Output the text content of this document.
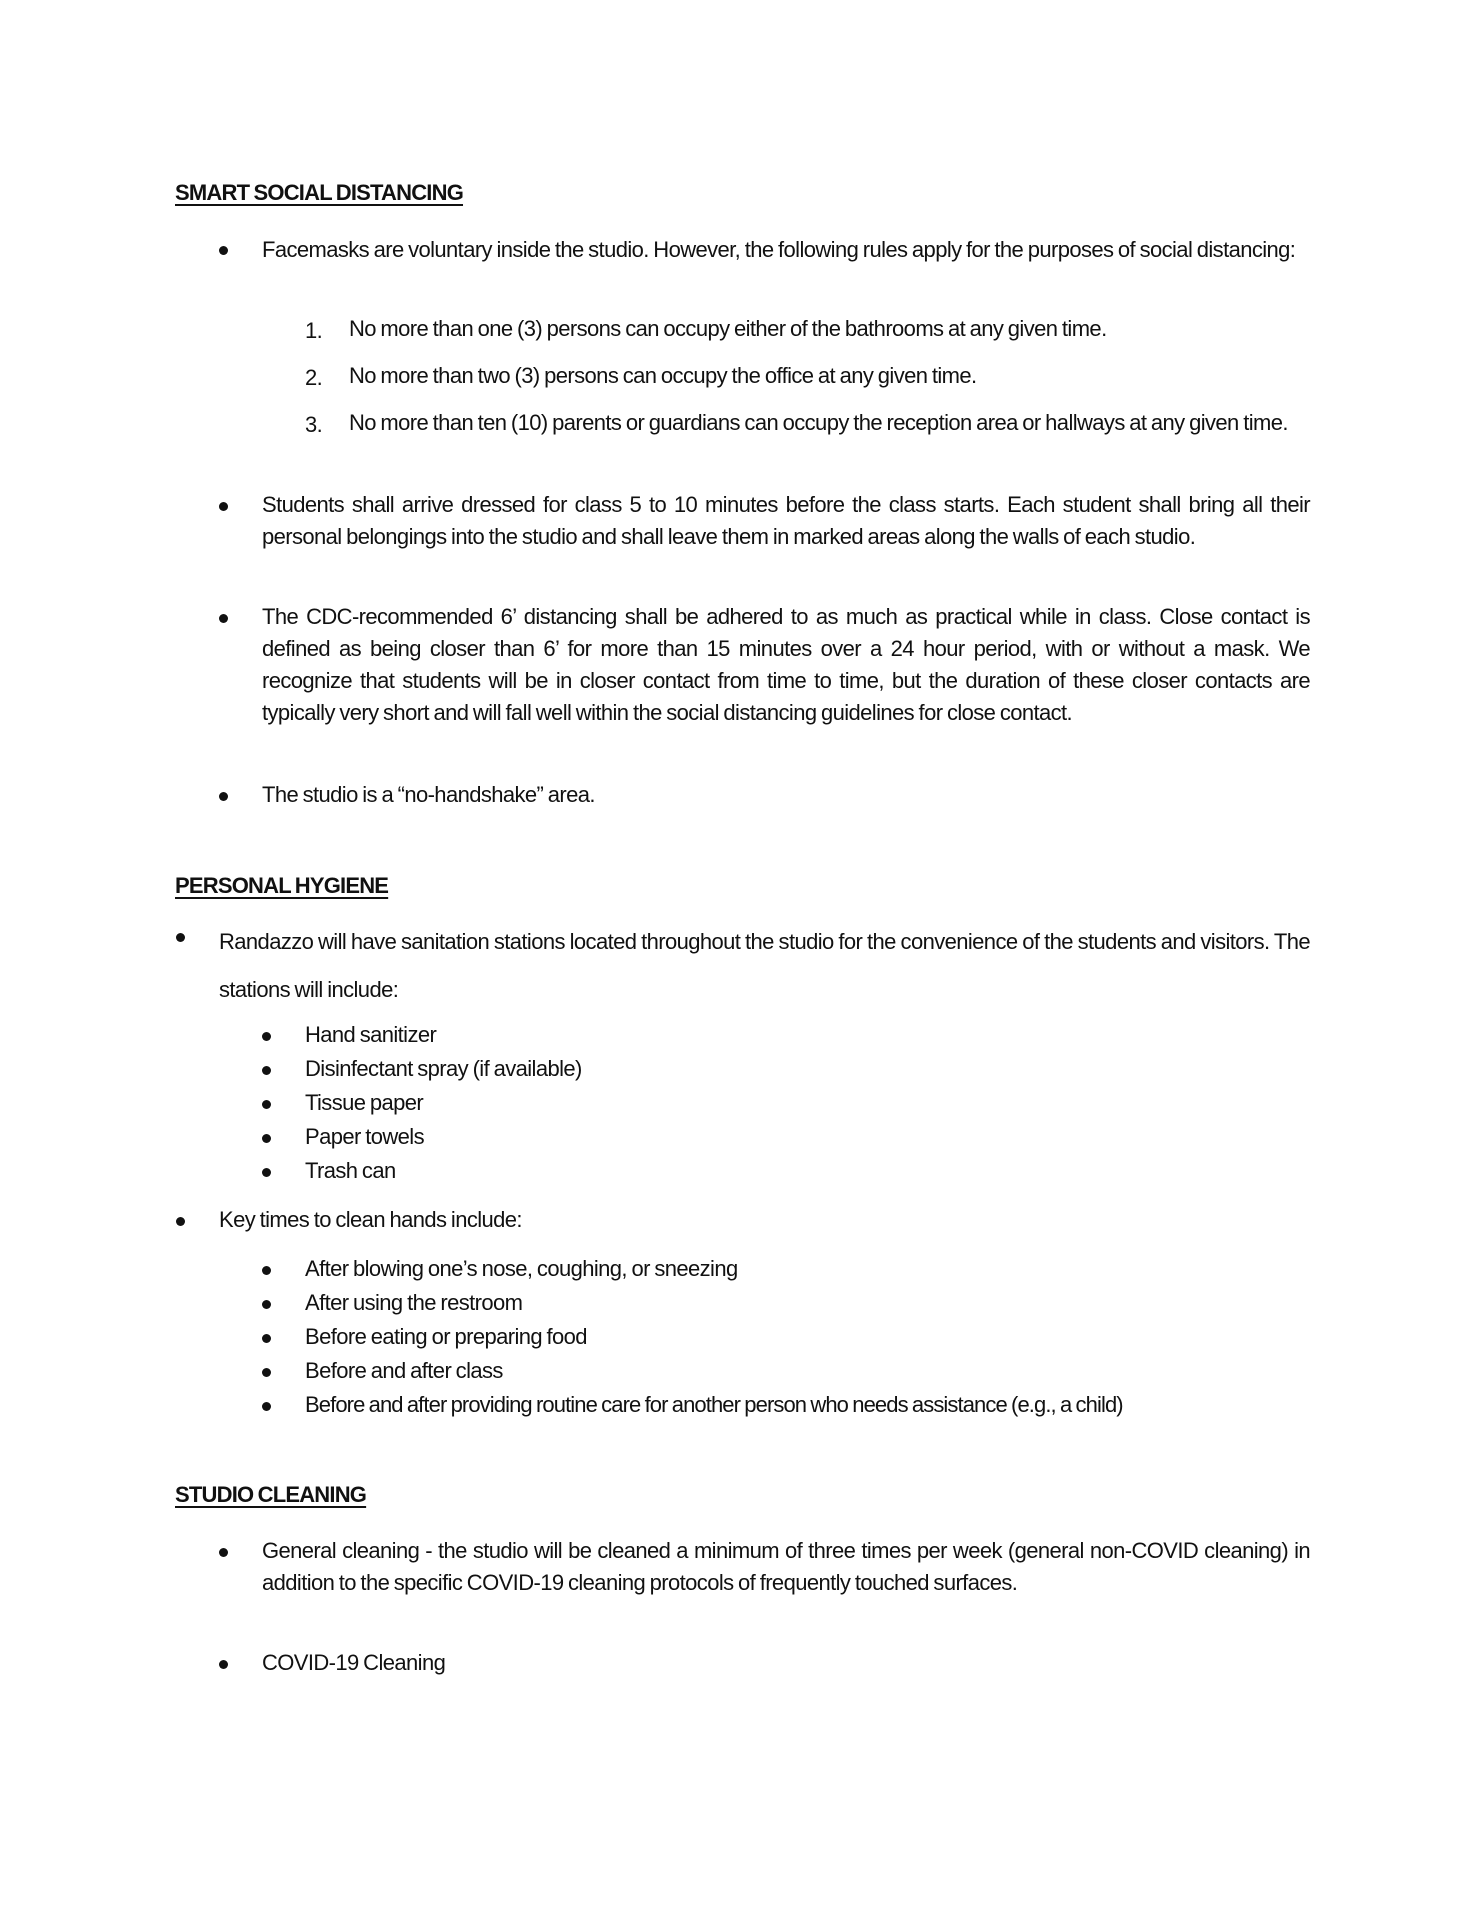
SMART SOCIAL DISTANCING
Facemasks are voluntary inside the studio. However, the following rules apply for the purposes of social distancing:
1. No more than one (3) persons can occupy either of the bathrooms at any given time.
2. No more than two (3) persons can occupy the office at any given time.
3. No more than ten (10) parents or guardians can occupy the reception area or hallways at any given time.
Students shall arrive dressed for class 5 to 10 minutes before the class starts. Each student shall bring all their personal belongings into the studio and shall leave them in marked areas along the walls of each studio.
The CDC-recommended 6’ distancing shall be adhered to as much as practical while in class. Close contact is defined as being closer than 6’ for more than 15 minutes over a 24 hour period, with or without a mask. We recognize that students will be in closer contact from time to time, but the duration of these closer contacts are typically very short and will fall well within the social distancing guidelines for close contact.
The studio is a “no-handshake” area.
PERSONAL HYGIENE
Randazzo will have sanitation stations located throughout the studio for the convenience of the students and visitors. The stations will include:
Hand sanitizer
Disinfectant spray (if available)
Tissue paper
Paper towels
Trash can
Key times to clean hands include:
After blowing one’s nose, coughing, or sneezing
After using the restroom
Before eating or preparing food
Before and after class
Before and after providing routine care for another person who needs assistance (e.g., a child)
STUDIO CLEANING
General cleaning - the studio will be cleaned a minimum of three times per week (general non-COVID cleaning) in addition to the specific COVID-19 cleaning protocols of frequently touched surfaces.
COVID-19 Cleaning
